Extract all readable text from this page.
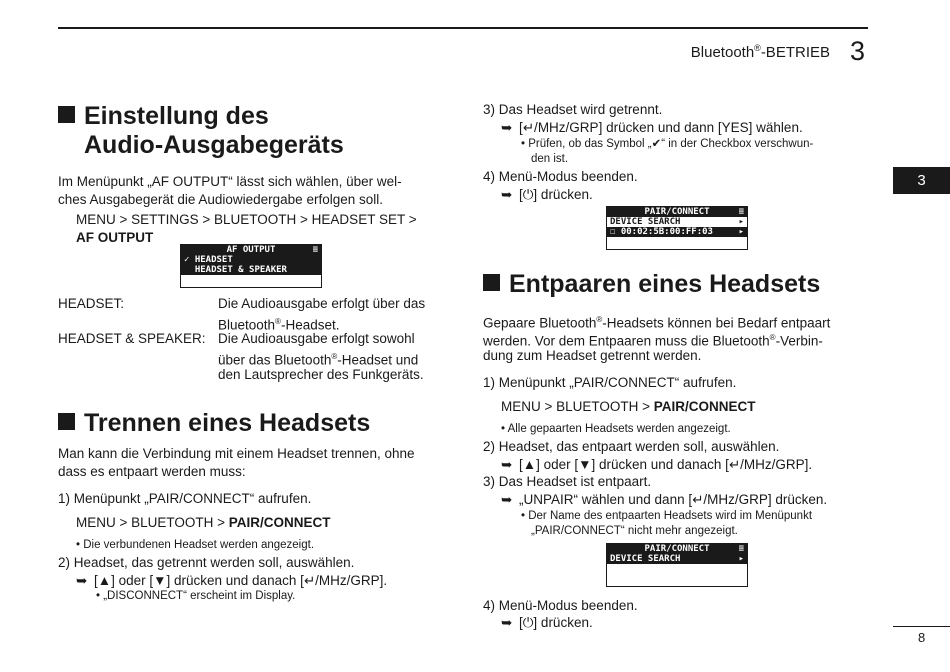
Bluetooth®-BETRIEB 3
3
8
Einstellung des
Audio-Ausgabegeräts
Im Menüpunkt „AF OUTPUT“ lässt sich wählen, über wel-
ches Ausgabegerät die Audiowiedergabe erfolgen soll.
MENU > SETTINGS > BLUETOOTH > HEADSET SET >
AF OUTPUT
AF OUTPUT	≡
✓ HEADSET
HEADSET & SPEAKER
HEADSET:	Die Audioausgabe erfolgt über das
Bluetooth®-Headset.
HEADSET & SPEAKER: Die Audioausgabe erfolgt sowohl
über das Bluetooth®-Headset und
den Lautsprecher des Funkgeräts.
Trennen eines Headsets
Man kann die Verbindung mit einem Headset trennen, ohne
dass es entpaart werden muss:
1) Menüpunkt „PAIR/CONNECT“ aufrufen.
MENU > BLUETOOTH > PAIR/CONNECT
• Die verbundenen Headset werden angezeigt.
2) Headset, das getrennt werden soll, auswählen.
➥ [▲] oder [▼] drücken und danach [↵/MHz/GRP].
• „DISCONNECT“ erscheint im Display.
3) Das Headset wird getrennt.
➥ [↵/MHz/GRP] drücken und dann [YES] wählen.
• Prüfen, ob das Symbol „✔“ in der Checkbox verschwun-
den ist.
4) Menü-Modus beenden.
➥ [⏻] drücken.
PAIR/CONNECT	≡
DEVICE SEARCH	▸
☐ 00:02:5B:00:FF:03	▸
Entpaaren eines Headsets
Gepaare Bluetooth®-Headsets können bei Bedarf entpaart
werden. Vor dem Entpaaren muss die Bluetooth®-Verbin-
dung zum Headset getrennt werden.
1) Menüpunkt „PAIR/CONNECT“ aufrufen.
MENU > BLUETOOTH > PAIR/CONNECT
• Alle gepaarten Headsets werden angezeigt.
2) Headset, das entpaart werden soll, auswählen.
➥ [▲] oder [▼] drücken und danach [↵/MHz/GRP].
3) Das Headset ist entpaart.
➥ „UNPAIR“ wählen und dann [↵/MHz/GRP] drücken.
• Der Name des entpaarten Headsets wird im Menüpunkt
„PAIR/CONNECT“ nicht mehr angezeigt.
PAIR/CONNECT	≡
DEVICE SEARCH	▸
4) Menü-Modus beenden.
➥ [⏻] drücken.
